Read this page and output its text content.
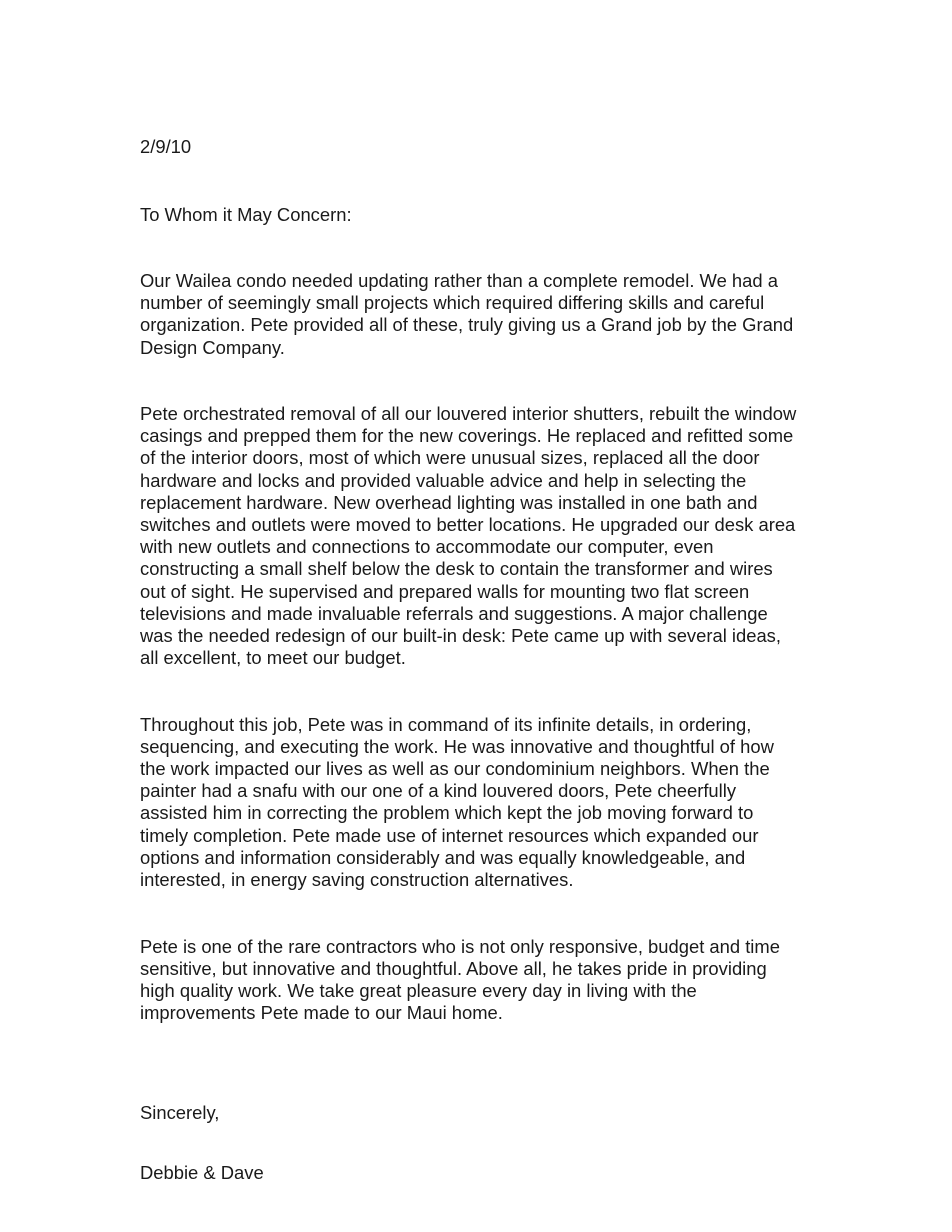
2/9/10

To Whom it May Concern:

Our Wailea condo needed updating rather than a complete remodel. We had a
number of seemingly small projects which required differing skills and careful
organization. Pete provided all of these, truly giving us a Grand job by the Grand
Design Company.

Pete orchestrated removal of all our louvered interior shutters, rebuilt the window
casings and prepped them for the new coverings. He replaced and refitted some
of the interior doors, most of which were unusual sizes, replaced all the door
hardware and locks and provided valuable advice and help in selecting the
replacement hardware. New overhead lighting was installed in one bath and
switches and outlets were moved to better locations. He upgraded our desk area
with new outlets and connections to accommodate our computer, even
constructing a small shelf below the desk to contain the transformer and wires
out of sight. He supervised and prepared walls for mounting two flat screen
televisions and made invaluable referrals and suggestions. A major challenge
was the needed redesign of our built-in desk: Pete came up with several ideas,
all excellent, to meet our budget.

Throughout this job, Pete was in command of its infinite details, in ordering,
sequencing, and executing the work. He was innovative and thoughtful of how
the work impacted our lives as well as our condominium neighbors. When the
painter had a snafu with our one of a kind louvered doors, Pete cheerfully
assisted him in correcting the problem which kept the job moving forward to
timely completion. Pete made use of internet resources which expanded our
options and information considerably and was equally knowledgeable, and
interested, in energy saving construction alternatives.

Pete is one of the rare contractors who is not only responsive, budget and time
sensitive, but innovative and thoughtful. Above all, he takes pride in providing
high quality work. We take great pleasure every day in living with the
improvements Pete made to our Maui home.

Sincerely,

Debbie & Dave
